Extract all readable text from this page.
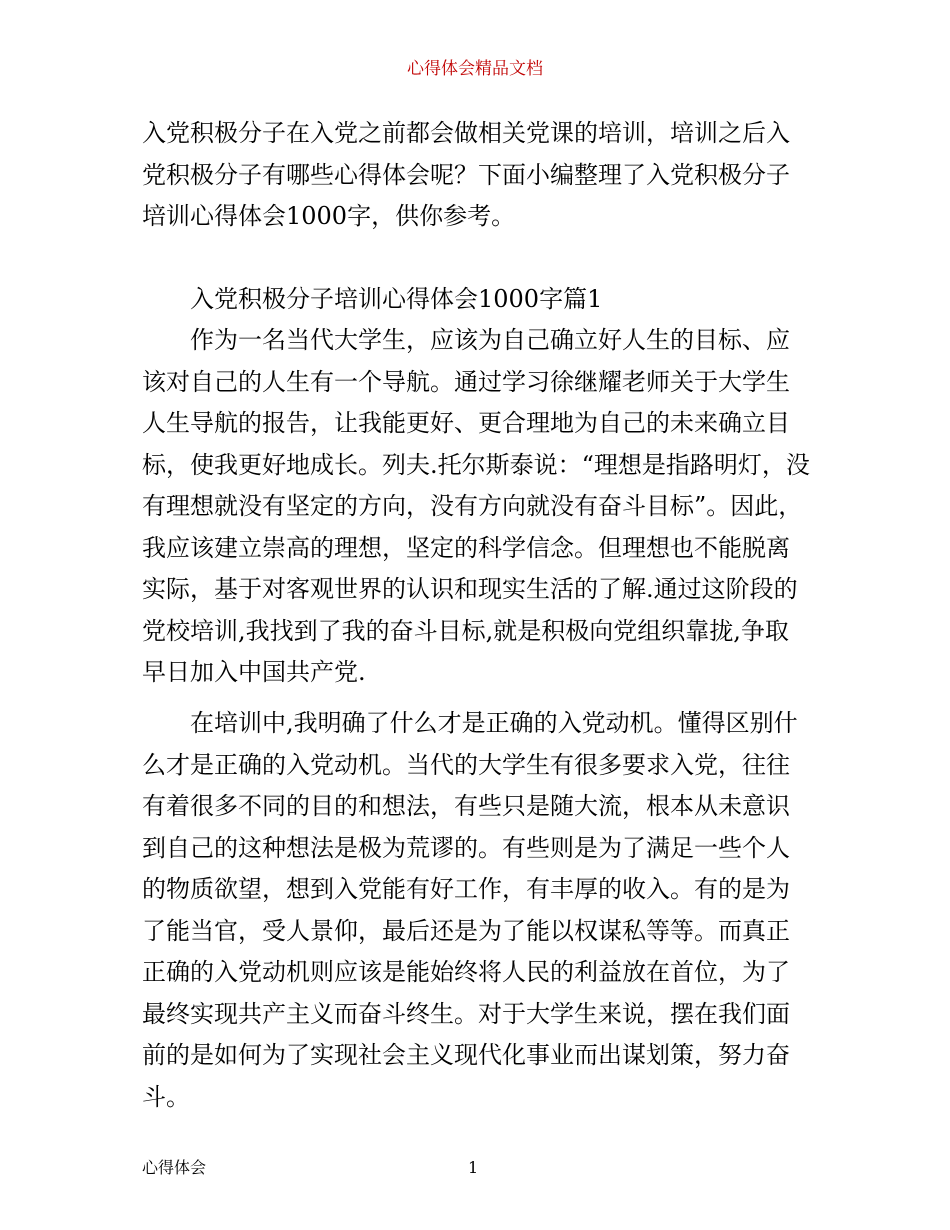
心得体会精品文档

入党积极分子在入党之前都会做相关党课的培训，培训之后入党积极分子有哪些心得体会呢？下面小编整理了入党积极分子培训心得体会1000字，供你参考。

入党积极分子培训心得体会1000字篇1

作为一名当代大学生，应该为自己确立好人生的目标、应该对自己的人生有一个导航。通过学习徐继耀老师关于大学生人生导航的报告，让我能更好、更合理地为自己的未来确立目标，使我更好地成长。列夫.托尔斯泰说：“理想是指路明灯，没有理想就没有坚定的方向，没有方向就没有奋斗目标”。因此，我应该建立崇高的理想，坚定的科学信念。但理想也不能脱离实际，基于对客观世界的认识和现实生活的了解.通过这阶段的党校培训,我找到了我的奋斗目标,就是积极向党组织靠拢,争取早日加入中国共产党.

在培训中,我明确了什么才是正确的入党动机。懂得区别什么才是正确的入党动机。当代的大学生有很多要求入党，往往有着很多不同的目的和想法，有些只是随大流，根本从未意识到自己的这种想法是极为荒谬的。有些则是为了满足一些个人的物质欲望，想到入党能有好工作，有丰厚的收入。有的是为了能当官，受人景仰，最后还是为了能以权谋私等等。而真正正确的入党动机则应该是能始终将人民的利益放在首位，为了最终实现共产主义而奋斗终生。对于大学生来说，摆在我们面前的是如何为了实现社会主义现代化事业而出谋划策，努力奋斗。

心得体会	1
